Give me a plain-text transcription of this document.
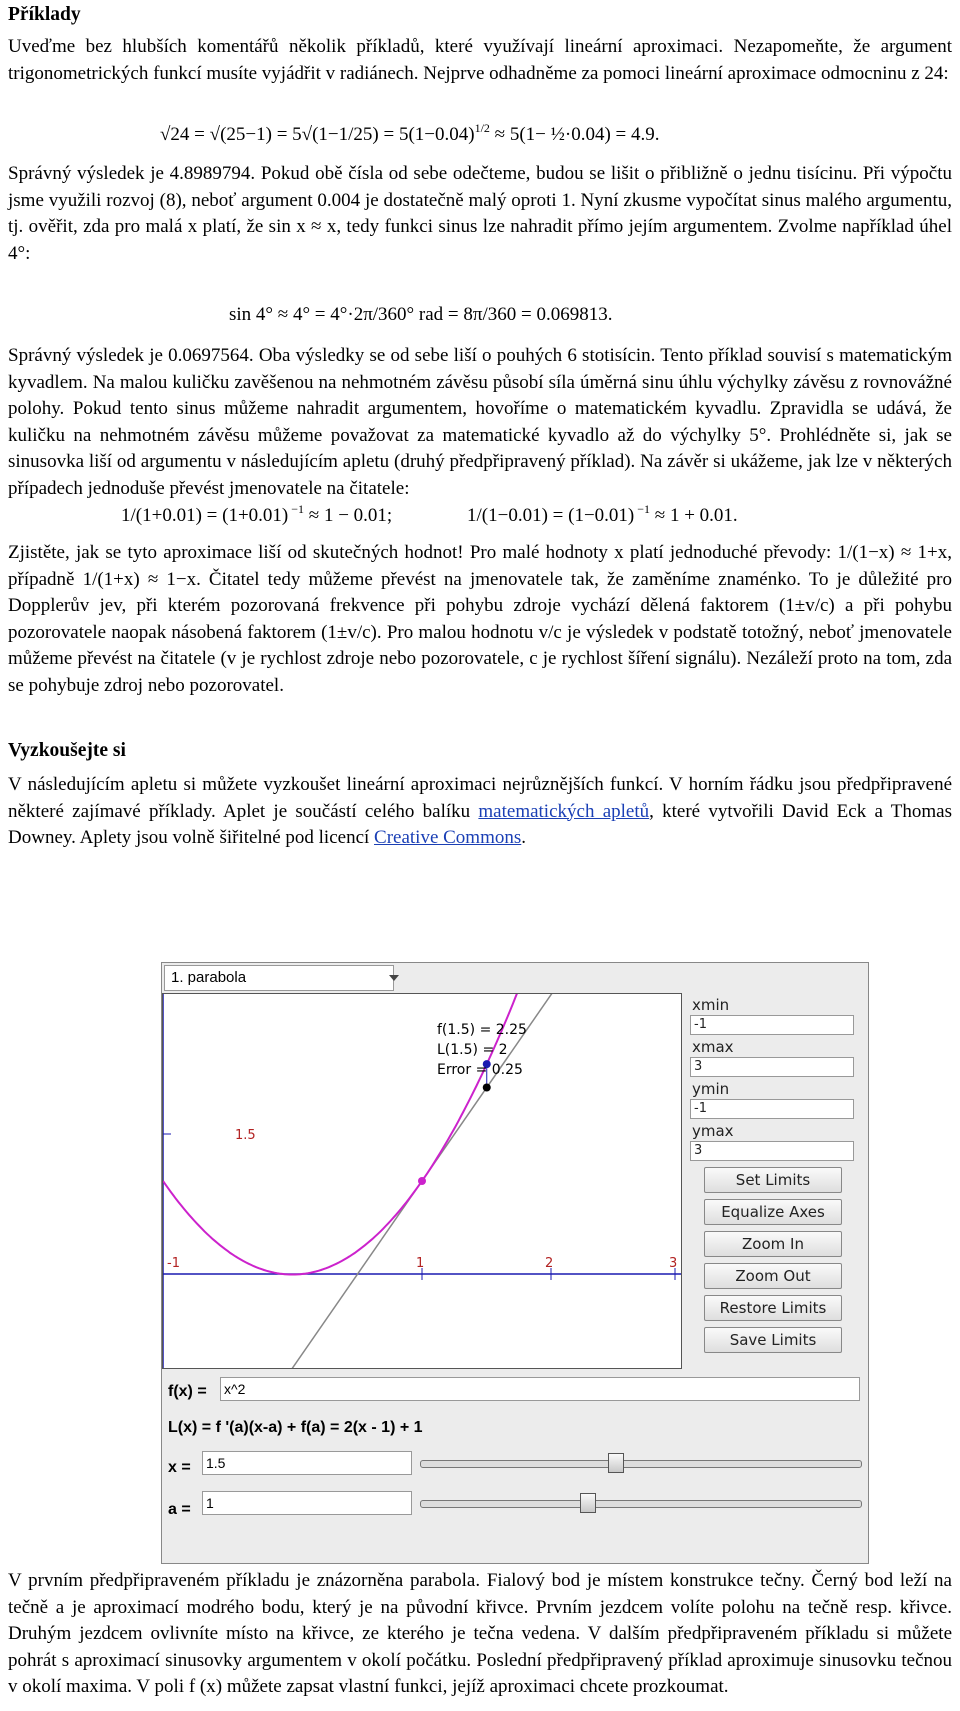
Příklady

Uveďme bez hlubších komentářů několik příkladů, které využívají lineární aproximaci. Nezapomeňte, že argument trigonometrických funkcí musíte vyjádřit v radiánech. Nejprve odhadněme za pomoci lineární aproximace odmocninu z 24:

$√24 = √(25-1) = 5√(1-1/25) = 5(1-0.04)^{1/2} \approx 5(1-$ ½·0.04) = 4.9.

Správný výsledek je 4.8989794. Pokud obě čísla od sebe odečteme, budou se lišit o přibližně o jednu tisícinu. Při výpočtu jsme využili rozvoj (8), neboť argument 0.004 je dostatečně malý oproti 1. Nyní zkusme vypočítat sinus malého argumentu, tj. ověřit, zda pro malá x platí, že sin x ≈ x, tedy funkci sinus lze nahradit přímo jejím argumentem. Zvolme například úhel 4°:

sin 4° ≈ 4° = 4°·2π/360° rad = 8π/360 = 0.069813.

Správný výsledek je 0.0697564. Oba výsledky se od sebe liší o pouhých 6 stotisícin. Tento příklad souvisí s matematickým kyvadlem. Na malou kuličku zavěšenou na nehmotném závěsu působí síla úměrná sinu úhlu výchylky závěsu z rovnovážné polohy. Pokud tento sinus můžeme nahradit argumentem, hovoříme o matematickém kyvadlu. Zpravidla se udává, že kuličku na nehmotném závěsu můžeme považovat za matematické kyvadlo až do výchylky 5°. Prohlédněte si, jak se sinusovka liší od argumentu v následujícím apletu (druhý předpřipravený příklad). Na závěr si ukážeme, jak lze v některých případech jednoduše převést jmenovatele na čitatele:

1/(1+0.01) = (1+0.01) $^{-1}$ ≈ 1 − 0.01;	1/(1−0.01) = (1−0.01) $^{-1}$ ≈ 1 + 0.01.

Zjistěte, jak se tyto aproximace liší od skutečných hodnot! Pro malé hodnoty x platí jednoduché převody: 1/(1−x) ≈ 1+x, případně 1/(1+x) ≈ 1−x. Čitatel tedy můžeme převést na jmenovatele tak, že zaměníme znaménko. To je důležité pro Dopplerův jev, při kterém pozorovaná frekvence při pohybu zdroje vychází dělená faktorem (1±v/c) a při pohybu pozorovatele naopak násobená faktorem (1±v/c). Pro malou hodnotu v/c je výsledek v podstatě totožný, neboť jmenovatele můžeme převést na čitatele (v je rychlost zdroje nebo pozorovatele, c je rychlost šíření signálu). Nezáleží proto na tom, zda se pohybuje zdroj nebo pozorovatel.

Vyzkoušejte si

V následujícím apletu si můžete vyzkoušet lineární aproximaci nejrůznějších funkcí. V horním řádku jsou předpřipravené některé zajímavé příklady. Aplet je součástí celého balíku matematických apletů, které vytvořili David Eck a Thomas Downey. Aplety jsou volně šiřitelné pod licencí Creative Commons.

1. parabola
-1	1	2	3
1.5
f(1.5) = 2.25
L(1.5) = 2
Error = 0.25
xmin
-1
xmax
3
ymin
-1
ymax
3
Set Limits
Equalize Axes
Zoom In
Zoom Out
Restore Limits
Save Limits
f(x) = x^2
L(x) = f '(a)(x-a) + f(a) = 2(x - 1) + 1
x = 1.5
a = 1

V prvním předpřipraveném příkladu je znázorněna parabola. Fialový bod je místem konstrukce tečny. Černý bod leží na tečně a je aproximací modrého bodu, který je na původní křivce. Prvním jezdcem volíte polohu na tečně resp. křivce. Druhým jezdcem ovlivníte místo na křivce, ze kterého je tečna vedena. V dalším předpřipraveném příkladu si můžete pohrát s aproximací sinusovky argumentem v okolí počátku. Poslední předpřipravený příklad aproximuje sinusovku tečnou v okolí maxima. V poli f (x) můžete zapsat vlastní funkci, jejíž aproximaci chcete prozkoumat.
